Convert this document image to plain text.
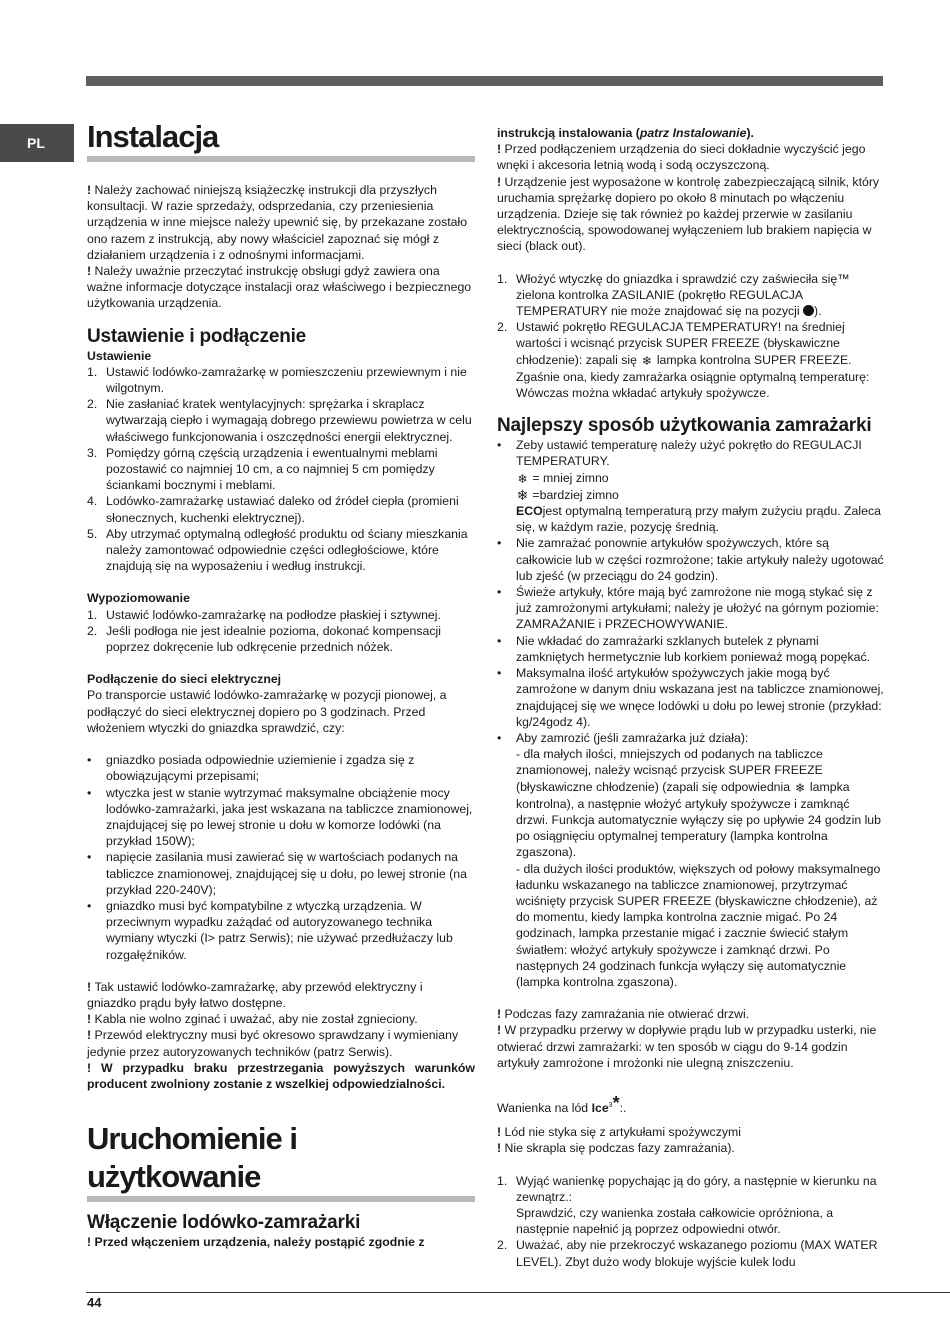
PL	Instalacja

! Należy zachować niniejszą książeczkę instrukcji dla przyszłych konsultacji. W razie sprzedaży, odsprzedania, czy przeniesienia urządzenia w inne miejsce należy upewnić się, by przekazane zostało ono razem z instrukcją, aby nowy właściciel zapoznać się mógł z działaniem urządzenia i z odnośnymi informacjami.

! Należy uważnie przeczytać instrukcję obsługi gdyż zawiera ona ważne informacje dotyczące instalacji oraz właściwego i bezpiecznego użytkowania urządzenia.

Ustawienie i podłączenie
Ustawienie
1. Ustawić lodówko-zamrażarkę w pomieszczeniu przewiewnym i nie wilgotnym.
2. Nie zasłaniać kratek wentylacyjnych: sprężarka i skraplacz wytwarzają ciepło i wymagają dobrego przewiewu powietrza w celu właściwego funkcjonowania i oszczędności energii elektrycznej.
3. Pomiędzy górną częścią urządzenia i ewentualnymi meblami pozostawić co najmniej 10 cm, a co najmniej 5 cm pomiędzy ściankami bocznymi i meblami.
4. Lodówko-zamrażarkę ustawiać daleko od źródeł ciepła (promieni słonecznych, kuchenki elektrycznej).
5. Aby utrzymać optymalną odległość produktu od ściany mieszkania należy zamontować odpowiednie części odległościowe, które znajdują się na wyposażeniu i według instrukcji.
Wypoziomowanie
1. Ustawić lodówko-zamrażarkę na podłodze płaskiej i sztywnej.
2. Jeśli podłoga nie jest idealnie pozioma, dokonać kompensacji poprzez dokręcenie lub odkręcenie przednich nóżek.
Podłączenie do sieci elektrycznej

Po transporcie ustawić lodówko-zamrażarkę w pozycji pionowej, a podłączyć do sieci elektrycznej dopiero po 3 godzinach. Przed włożeniem wtyczki do gniazdka sprawdzić, czy:

• gniazdko posiada odpowiednie uziemienie i zgadza się z obowiązującymi przepisami;
• wtyczka jest w stanie wytrzymać maksymalne obciążenie mocy lodówko-zamrażarki, jaka jest wskazana na tabliczce znamionowej, znajdującej się po lewej stronie u dołu w komorze lodówki (na przykład 150W);
• napięcie zasilania musi zawierać się w wartościach podanych na tabliczce znamionowej, znajdującej się u dołu, po lewej stronie (na przykład 220-240V);
• gniazdko musi być kompatybilne z wtyczką urządzenia. W przeciwnym wypadku zażądać od autoryzowanego technika wymiany wtyczki (I> patrz Serwis); nie używać przedłużaczy lub rozgałęźników.

! Tak ustawić lodówko-zamrażarkę, aby przewód elektryczny i gniazdko prądu były łatwo dostępne.

! Kabla nie wolno zginać i uważać, aby nie został zgnieciony.

! Przewód elektryczny musi być okresowo sprawdzany i wymieniany jedynie przez autoryzowanych techników (patrz Serwis).

! W przypadku braku przestrzegania powyższych warunków producent zwolniony zostanie z wszelkiej odpowiedzialności.

Uruchomienie i użytkowanie
Włączenie lodówko-zamrażarki

! Przed włączeniem urządzenia, należy postąpić zgodnie z

instrukcją instalowania (patrz Instalowanie).

! Przed podłączeniem urządzenia do sieci dokładnie wyczyścić jego wnęki i akcesoria letnią wodą i sodą oczyszczoną.

! Urządzenie jest wyposażone w kontrolę zabezpieczającą silnik, który uruchamia sprężarkę dopiero po około 8 minutach po włączeniu urządzenia. Dzieje się tak również po każdej przerwie w zasilaniu elektrycznością, spowodowanej wyłączeniem lub brakiem napięcia w sieci (black out).

1. Włożyć wtyczkę do gniazdka i sprawdzić czy zaświeciła się™ zielona kontrolka ZASILANIE (pokrętło REGULACJA TEMPERATURY nie może znajdować się na pozycji ).
2. Ustawić pokrętło REGULACJA TEMPERATURY! na średniej wartości i wcisnąć przycisk SUPER FREEZE (błyskawiczne chłodzenie): zapali się ❄ lampka kontrolna SUPER FREEZE. Zgaśnie ona, kiedy zamrażarka osiągnie optymalną temperaturę: Wówczas można wkładać artykuły spożywcze.
Najlepszy sposób użytkowania zamrażarki
• Zeby ustawić temperaturę należy użyć pokrętło do REGULACJI TEMPERATURY.
❄ = mniej zimno
❄ =bardziej zimno
ECOjest optymalną temperaturą przy małym zużyciu prądu. Zaleca się, w każdym razie, pozycję średnią.
• Nie zamrażać ponownie artykułów spożywczych, które są całkowicie lub w części rozmrożone; takie artykuły należy ugotować lub zjeść (w przeciągu do 24 godzin).
• Świeże artykuły, które mają być zamrożone nie mogą stykać się z już zamrożonymi artykułami; należy je ułożyć na górnym poziomie: ZAMRAŻANIE i PRZECHOWYWANIE.
• Nie wkładać do zamrażarki szklanych butelek z płynami zamkniętych hermetycznie lub korkiem ponieważ mogą popękać.
• Maksymalna ilość artykułów spożywczych jakie mogą być zamrożone w danym dniu wskazana jest na tabliczce znamionowej, znajdującej się we wnęce lodówki u dołu po lewej stronie (przykład: kg/24godz 4).
• Aby zamrozić (jeśli zamrażarka już działa):
- dla małych ilości, mniejszych od podanych na tabliczce znamionowej, należy wcisnąć przycisk SUPER FREEZE (błyskawiczne chłodzenie) (zapali się odpowiednia ❄ lampka kontrolna), a następnie włożyć artykuły spożywcze i zamknąć drzwi. Funkcja automatycznie wyłączy się po upływie 24 godzin lub po osiągnięciu optymalnej temperatury (lampka kontrolna zgaszona).
- dla dużych ilości produktów, większych od połowy maksymalnego ładunku wskazanego na tabliczce znamionowej, przytrzymać wciśnięty przycisk SUPER FREEZE (błyskawiczne chłodzenie), aż do momentu, kiedy lampka kontrolna zacznie migać. Po 24 godzinach, lampka przestanie migać i zacznie świecić stałym światłem: włożyć artykuły spożywcze i zamknąć drzwi. Po następnych 24 godzinach funkcja wyłączy się automatycznie (lampka kontrolna zgaszona).

! Podczas fazy zamrażania nie otwierać drzwi.

! W przypadku przerwy w dopływie prądu lub w przypadku usterki, nie otwierać drzwi zamrażarki: w ten sposób w ciągu do 9-14 godzin artykuły zamrożone i mrożonki nie ulegną zniszczeniu.

Wanienka na lód Ice$^3$*:.

! Lód nie styka się z artykułami spożywczymi

! Nie skrapla się podczas fazy zamrażania).

1. Wyjąć wanienkę popychając ją do góry, a następnie w kierunku na zewnątrz.:
Sprawdzić, czy wanienka została całkowicie opróżniona, a następnie napełnić ją poprzez odpowiedni otwór.
2. Uważać, aby nie przekroczyć wskazanego poziomu (MAX WATER LEVEL). Zbyt dużo wody blokuje wyjście kulek lodu
44
